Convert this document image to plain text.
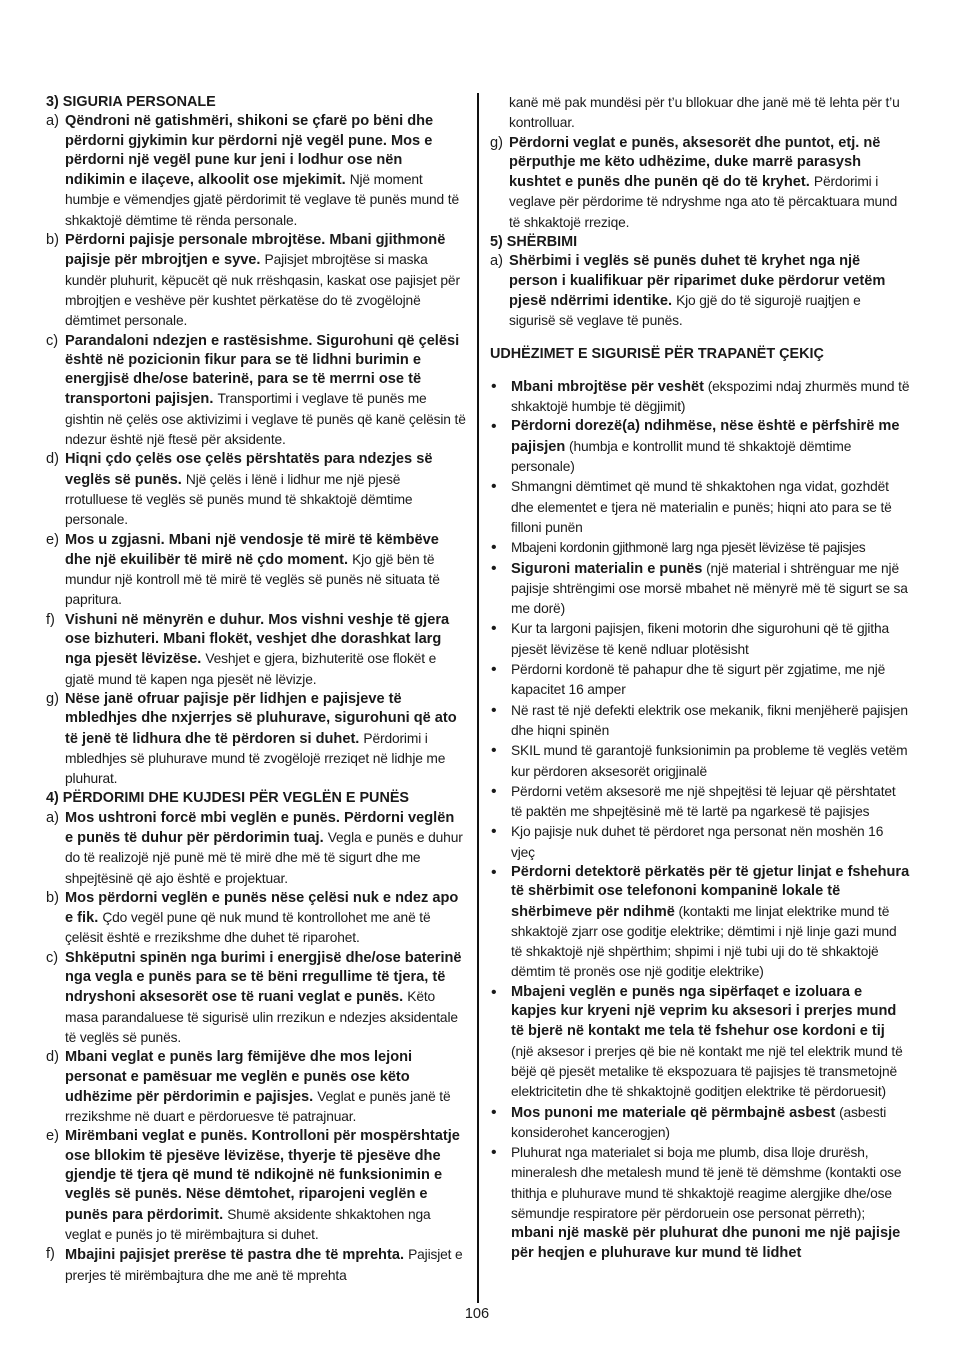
3) SIGURIA PERSONALE
a) Qëndroni në gatishmëri, shikoni se çfarë po bëni dhe përdorni gjykimin kur përdorni një vegël pune. Mos e përdorni një vegël pune kur jeni i lodhur ose nën ndikimin e ilaçeve, alkoolit ose mjekimit. Një moment humbje e vëmendjes gjatë përdorimit të veglave të punës mund të shkaktojë dëmtime të rënda personale.
b) Përdorni pajisje personale mbrojtëse. Mbani gjithmonë pajisje për mbrojtjen e syve. Pajisjet mbrojtëse si maska kundër pluhurit, këpucët që nuk rrëshqasin, kaskat ose pajisjet për mbrojtjen e veshëve për kushtet përkatëse do të zvogëlojnë dëmtimet personale.
c) Parandaloni ndezjen e rastësishme. Sigurohuni që çelësi është në pozicionin fikur para se të lidhni burimin e energjisë dhe/ose baterinë, para se të merrni ose të transportoni pajisjen. Transportimi i veglave të punës me gishtin në çelës ose aktivizimi i veglave të punës që kanë çelësin të ndezur është një ftesë për aksidente.
d) Hiqni çdo çelës ose çelës përshtatës para ndezjes së veglës së punës. Një çelës i lënë i lidhur me një pjesë rrotulluese të veglës së punës mund të shkaktojë dëmtime personale.
e) Mos u zgjasni. Mbani një vendosje të mirë të këmbëve dhe një ekuilibër të mirë në çdo moment. Kjo gjë bën të mundur një kontroll më të mirë të veglës së punës në situata të papritura.
f) Vishuni në mënyrën e duhur. Mos vishni veshje të gjera ose bizhuteri. Mbani flokët, veshjet dhe dorashkat larg nga pjesët lëvizëse. Veshjet e gjera, bizhuteritë ose flokët e gjatë mund të kapen nga pjesët në lëvizje.
g) Nëse janë ofruar pajisje për lidhjen e pajisjeve të mbledhjes dhe nxjerrjes së pluhurave, sigurohuni që ato të jenë të lidhura dhe të përdoren si duhet. Përdorimi i mbledhjes së pluhurave mund të zvogëlojë rreziqet në lidhje me pluhurat.
4) PËRDORIMI DHE KUJDESI PËR VEGLËN E PUNËS
a) Mos ushtroni forcë mbi veglën e punës. Përdorni veglën e punës të duhur për përdorimin tuaj. Vegla e punës e duhur do të realizojë një punë më të mirë dhe më të sigurt dhe me shpejtësinë që ajo është e projektuar.
b) Mos përdorni veglën e punës nëse çelësi nuk e ndez apo e fik. Çdo vegël pune që nuk mund të kontrollohet me anë të çelësit është e rrezikshme dhe duhet të riparohet.
c) Shkëputni spinën nga burimi i energjisë dhe/ose baterinë nga vegla e punës para se të bëni rregullime të tjera, të ndryshoni aksesorët ose të ruani veglat e punës. Këto masa parandaluese të sigurisë ulin rrezikun e ndezjes aksidentale të veglës së punës.
d) Mbani veglat e punës larg fëmijëve dhe mos lejoni personat e pamësuar me veglën e punës ose këto udhëzime për përdorimin e pajisjes. Veglat e punës janë të rrezikshme në duart e përdoruesve të patrajnuar.
e) Mirëmbani veglat e punës. Kontrolloni për mospërshtatje ose bllokim të pjesëve lëvizëse, thyerje të pjesëve dhe gjendje të tjera që mund të ndikojnë në funksionimin e veglës së punës. Nëse dëmtohet, riparojeni veglën e punës para përdorimit. Shumë aksidente shkaktohen nga veglat e punës jo të mirëmbajtura si duhet.
f) Mbajini pajisjet prerëse të pastra dhe të mprehta. Pajisjet e prerjes të mirëmbajtura dhe me anë të mprehta
kanë më pak mundësi për t’u bllokuar dhe janë më të lehta për t’u kontrolluar.
g) Përdorni veglat e punës, aksesorët dhe puntot, etj. në përputhje me këto udhëzime, duke marrë parasysh kushtet e punës dhe punën që do të kryhet. Përdorimi i veglave për përdorime të ndryshme nga ato të përcaktuara mund të shkaktojë rreziqe.
5) SHËRBIMI
a) Shërbimi i veglës së punës duhet të kryhet nga një person i kualifikuar për riparimet duke përdorur vetëm pjesë ndërrimi identike. Kjo gjë do të sigurojë ruajtjen e sigurisë së veglave të punës.
UDHËZIMET E SIGURISË PËR TRAPANËT ÇEKIÇ
• Mbani mbrojtëse për veshët (ekspozimi ndaj zhurmës mund të shkaktojë humbje të dëgjimit)
• Përdorni dorezë(a) ndihmëse, nëse është e përfshirë me pajisjen (humbja e kontrollit mund të shkaktojë dëmtime personale)
•	Shmangni dëmtimet që mund të shkaktohen nga vidat, gozhdët dhe elementet e tjera në materialin e punës; hiqni ato para se të filloni punën
•	Mbajeni kordonin gjithmonë larg nga pjesët lëvizëse të pajisjes
• Siguroni materialin e punës (një material i shtrënguar me një pajisje shtrëngimi ose morsë mbahet në mënyrë më të sigurt se sa me dorë)
•	Kur ta largoni pajisjen, fikeni motorin dhe sigurohuni që të gjitha pjesët lëvizëse të kenë ndluar plotësisht
•	Përdorni kordonë të pahapur dhe të sigurt për zgjatime, me një kapacitet 16 amper
•	Në rast të një defekti elektrik ose mekanik, fikni menjëherë pajisjen dhe hiqni spinën
•	SKIL mund të garantojë funksionimin pa probleme të veglës vetëm kur përdoren aksesorët origjinalë
•	Përdorni vetëm aksesorë me një shpejtësi të lejuar që përshtatet të paktën me shpejtësinë më të lartë pa ngarkesë të pajisjes
•	Kjo pajisje nuk duhet të përdoret nga personat nën moshën 16 vjeç
• Përdorni detektorë përkatës për të gjetur linjat e fshehura të shërbimit ose telefononi kompaninë lokale të shërbimeve për ndihmë (kontakti me linjat elektrike mund të shkaktojë zjarr ose goditje elektrike; dëmtimi i një linje gazi mund të shkaktojë një shpërthim; shpimi i një tubi uji do të shkaktojë dëmtim të pronës ose një goditje elektrike)
• Mbajeni veglën e punës nga sipërfaqet e izoluara e kapjes kur kryeni një veprim ku aksesori i prerjes mund të bjerë në kontakt me tela të fshehur ose kordoni e tij (një aksesor i prerjes që bie në kontakt me një tel elektrik mund të bëjë që pjesët metalike të ekspozuara të pajisjes të transmetojnë elektricitetin dhe të shkaktojnë goditjen elektrike të përdoruesit)
• Mos punoni me materiale që përmbajnë asbest (asbesti konsiderohet kancerogjen)
•	Pluhurat nga materialet si boja me plumb, disa lloje drurësh, mineralesh dhe metalesh mund të jenë të dëmshme (kontakti ose thithja e pluhurave mund të shkaktojë reagime alergjike dhe/ose sëmundje respiratore për përdoruein ose personat përreth); mbani një maskë për pluhurat dhe punoni me një pajisje për heqjen e pluhurave kur mund të lidhet
106
